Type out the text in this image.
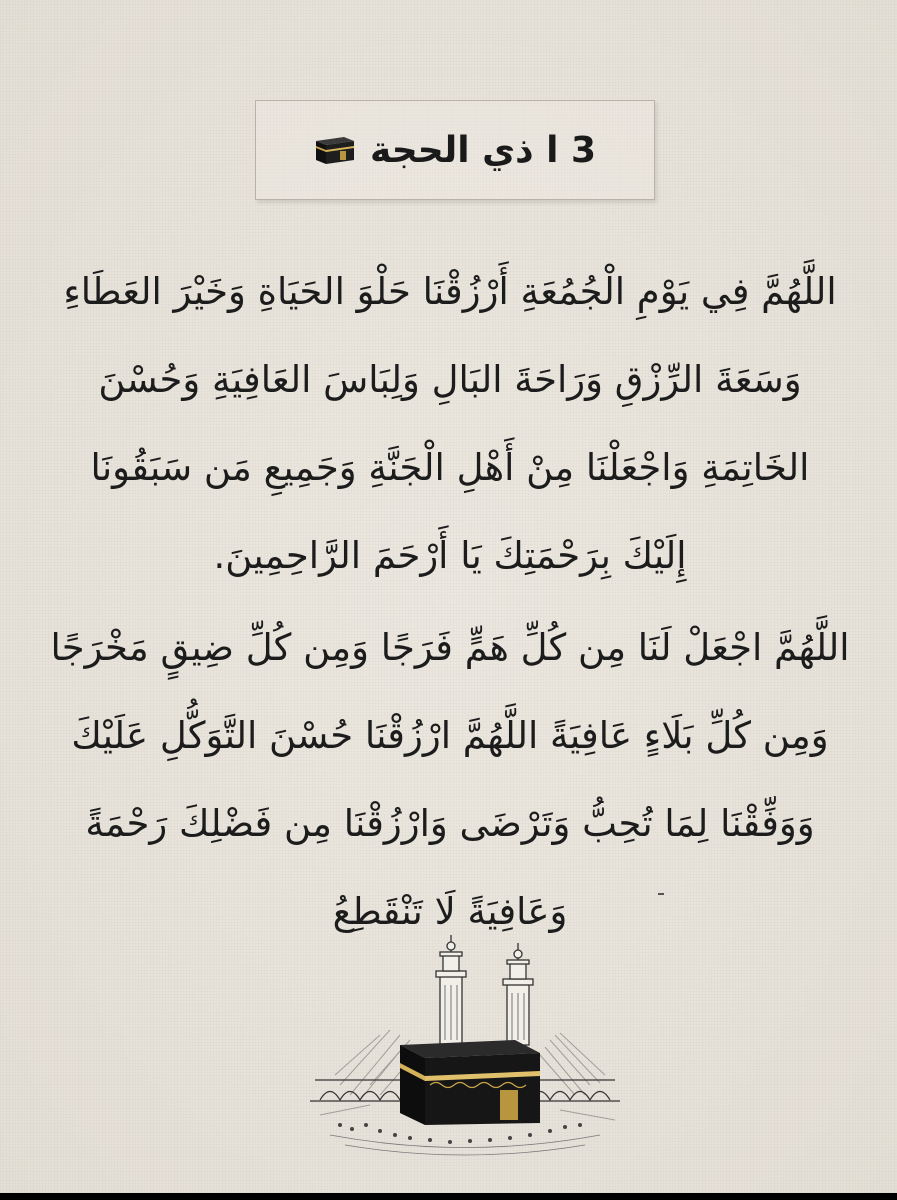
3 ا ذي الحجة
اللَّهُمَّ فِي يَوْمِ الْجُمُعَةِ أَرْزُقْنَا حَلْوَ الحَيَاةِ وَخَيْرَ العَطَاءِ
وَسَعَةَ الرِّزْقِ وَرَاحَةَ البَالِ وَلِبَاسَ العَافِيَةِ وَحُسْنَ
الخَاتِمَةِ وَاجْعَلْنَا مِنْ أَهْلِ الْجَنَّةِ وَجَمِيعِ مَن سَبَقُونَا
إِلَيْكَ بِرَحْمَتِكَ يَا أَرْحَمَ الرَّاحِمِينَ.
اللَّهُمَّ اجْعَلْ لَنَا مِن كُلِّ هَمٍّ فَرَجًا وَمِن كُلِّ ضِيقٍ مَخْرَجًا
وَمِن كُلِّ بَلَاءٍ عَافِيَةً اللَّهُمَّ ارْزُقْنَا حُسْنَ التَّوَكُّلِ عَلَيْكَ
وَوَفِّقْنَا لِمَا تُحِبُّ وَتَرْضَى وَارْزُقْنَا مِن فَضْلِكَ رَحْمَةً
وَعَافِيَةً لَا تَنْقَطِعُ
